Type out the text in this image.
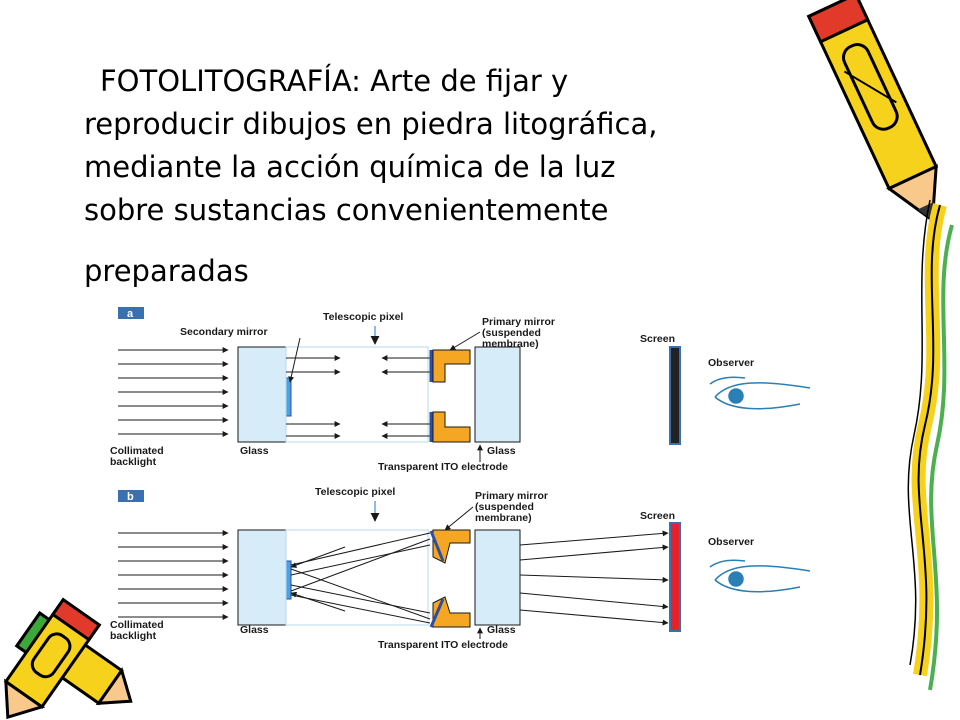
FOTOLITOGRAFÍA: Arte de fijar y
reproducir dibujos en piedra litográfica,
mediante la acción química de la luz
sobre sustancias convenientemente
preparadas
a	Telescopic pixel
Secondary mirror
Primary mirror
(suspended
membrane)	Screen
Observer
Collimated
backlight
Glass	Glass
Transparent ITO electrode
b	Telescopic pixel	Primary mirror
(suspended
membrane)	Screen
Observer
Collimated
backlight	Glass	Glass
Transparent ITO electrode
